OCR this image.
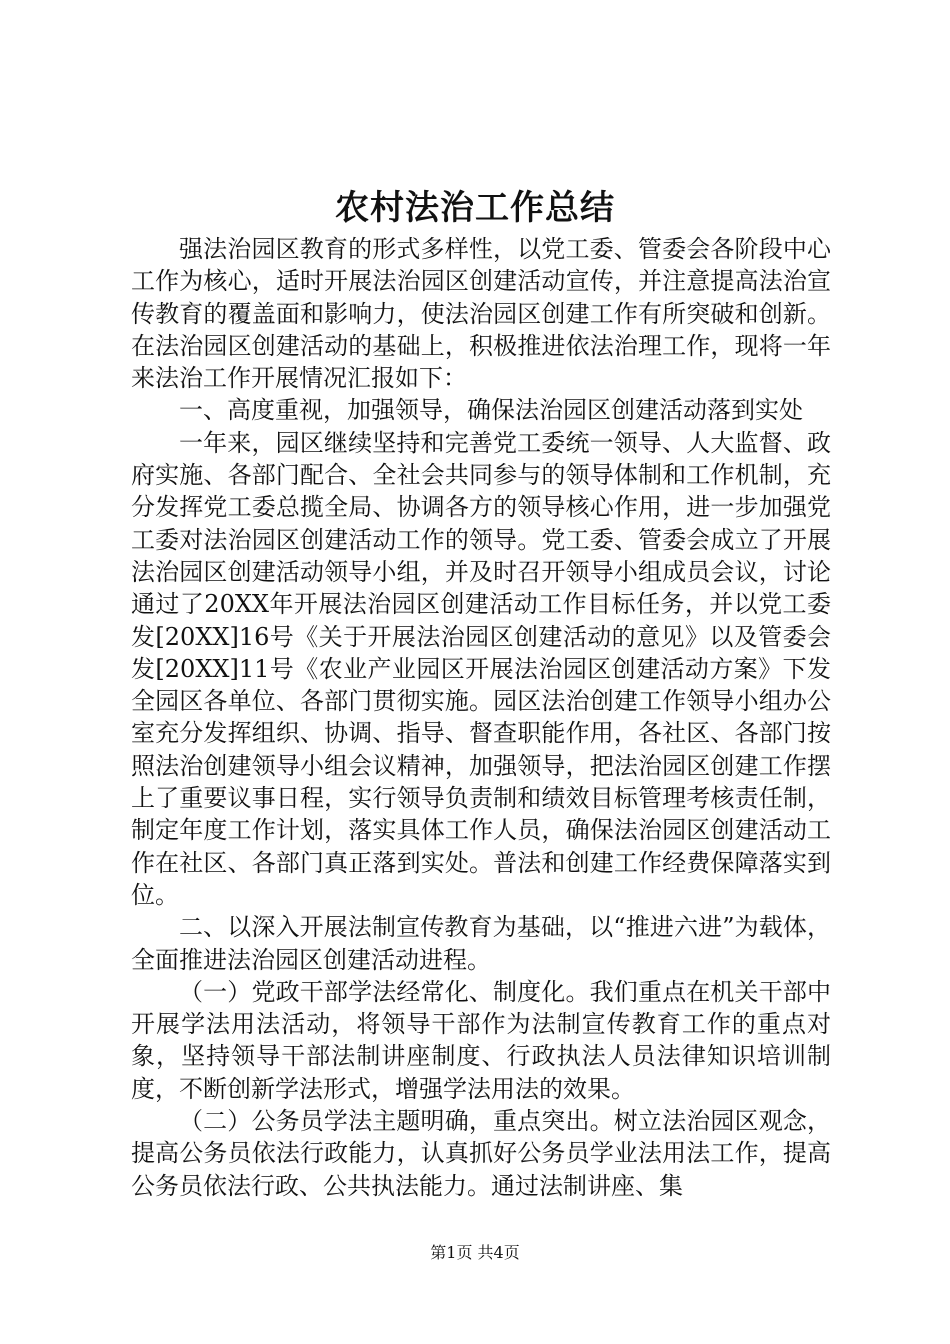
农村法治工作总结

强法治园区教育的形式多样性，以党工委、管委会各阶段中心工作为核心，适时开展法治园区创建活动宣传，并注意提高法治宣传教育的覆盖面和影响力，使法治园区创建工作有所突破和创新。在法治园区创建活动的基础上，积极推进依法治理工作，现将一年来法治工作开展情况汇报如下：

一、高度重视，加强领导，确保法治园区创建活动落到实处

一年来，园区继续坚持和完善党工委统一领导、人大监督、政府实施、各部门配合、全社会共同参与的领导体制和工作机制，充分发挥党工委总揽全局、协调各方的领导核心作用，进一步加强党工委对法治园区创建活动工作的领导。党工委、管委会成立了开展法治园区创建活动领导小组，并及时召开领导小组成员会议，讨论通过了20XX年开展法治园区创建活动工作目标任务，并以党工委发[20XX]16号《关于开展法治园区创建活动的意见》以及管委会发[20XX]11号《农业产业园区开展法治园区创建活动方案》下发全园区各单位、各部门贯彻实施。园区法治创建工作领导小组办公室充分发挥组织、协调、指导、督查职能作用，各社区、各部门按照法治创建领导小组会议精神，加强领导，把法治园区创建工作摆上了重要议事日程，实行领导负责制和绩效目标管理考核责任制，制定年度工作计划，落实具体工作人员，确保法治园区创建活动工作在社区、各部门真正落到实处。普法和创建工作经费保障落实到位。

二、以深入开展法制宣传教育为基础，以“推进六进”为载体，全面推进法治园区创建活动进程。

（一）党政干部学法经常化、制度化。我们重点在机关干部中开展学法用法活动，将领导干部作为法制宣传教育工作的重点对象，坚持领导干部法制讲座制度、行政执法人员法律知识培训制度，不断创新学法形式，增强学法用法的效果。

（二）公务员学法主题明确，重点突出。树立法治园区观念，提高公务员依法行政能力，认真抓好公务员学业法用法工作，提高公务员依法行政、公共执法能力。通过法制讲座、集

第1页 共4页
